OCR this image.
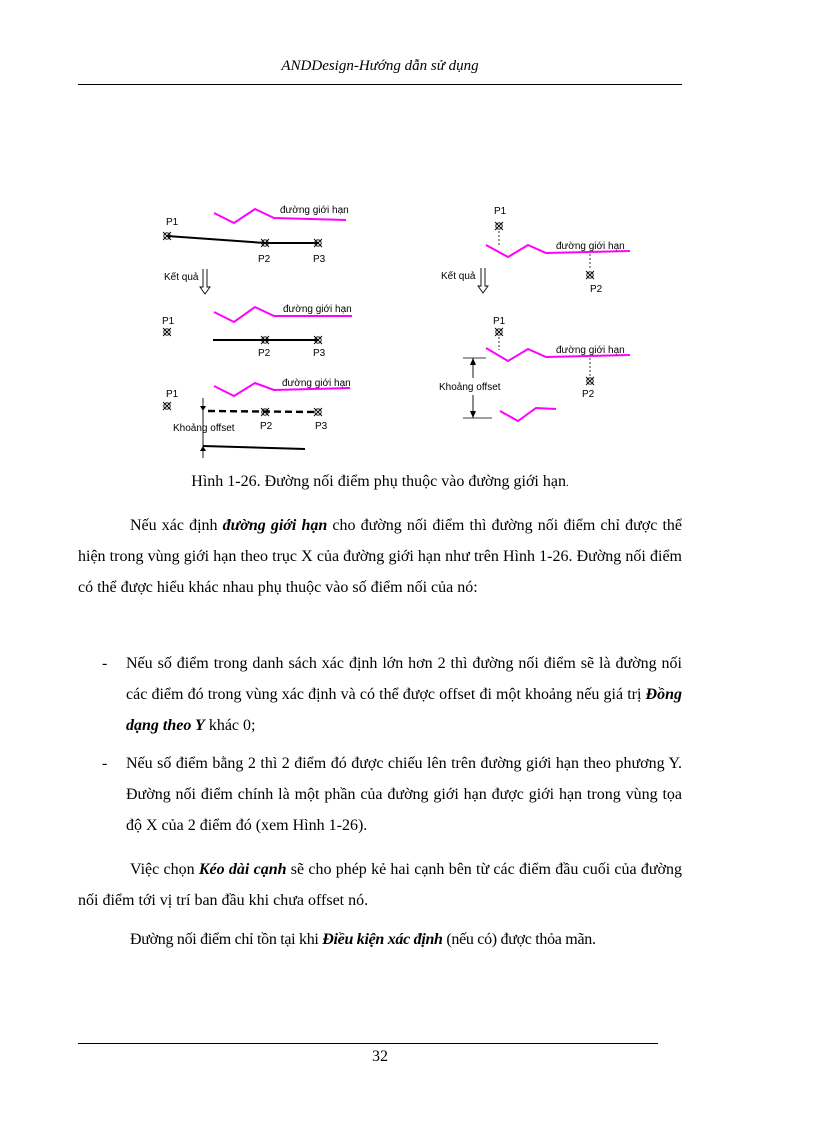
ANDDesign-Hướng dẫn sử dụng
đường giới hạn
P1
P2	P3
Kết quả
đường giới hạn
P1
P2	P3
đường giới hạn
P1
P2	P3
Khoảng offset
P1
đường giới hạn
P2
Kết quả
P1
đường giới hạn
P2
Khoảng offset
Hình 1-26. Đường nối điểm phụ thuộc vào đường giới hạn.

Nếu xác định đường giới hạn cho đường nối điểm thì đường nối điểm chỉ được thể hiện trong vùng giới hạn theo trục X của đường giới hạn như trên Hình 1-26. Đường nối điểm có thể được hiểu khác nhau phụ thuộc vào số điểm nối của nó:

- Nếu số điểm trong danh sách xác định lớn hơn 2 thì đường nối điểm sẽ là đường nối các điểm đó trong vùng xác định và có thể được offset đi một khoảng nếu giá trị Đồng dạng theo Y khác 0;
- Nếu số điểm bằng 2 thì 2 điểm đó được chiếu lên trên đường giới hạn theo phương Y. Đường nối điểm chính là một phần của đường giới hạn được giới hạn trong vùng tọa độ X của 2 điểm đó (xem Hình 1-26).

Việc chọn Kéo dài cạnh sẽ cho phép kẻ hai cạnh bên từ các điểm đầu cuối của đường nối điểm tới vị trí ban đầu khi chưa offset nó.

Đường nối điểm chỉ tồn tại khi Điều kiện xác định (nếu có) được thỏa mãn.

32
